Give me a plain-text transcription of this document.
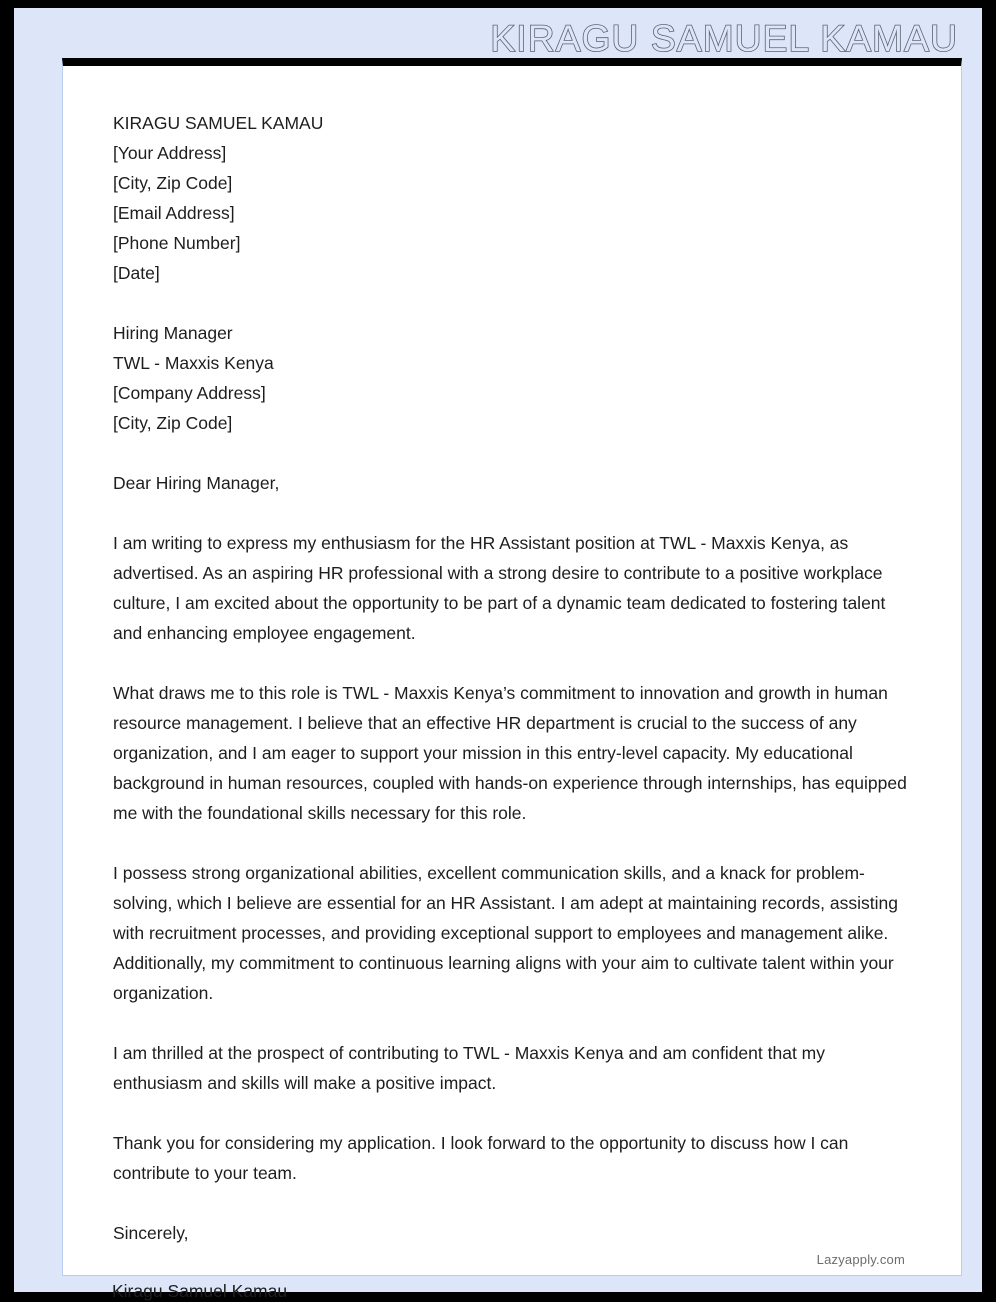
KIRAGU SAMUEL KAMAU
KIRAGU SAMUEL KAMAU
[Your Address]
[City, Zip Code]
[Email Address]
[Phone Number]
[Date]
Hiring Manager
TWL - Maxxis Kenya
[Company Address]
[City, Zip Code]
Dear Hiring Manager,
I am writing to express my enthusiasm for the HR Assistant position at TWL - Maxxis Kenya, as advertised. As an aspiring HR professional with a strong desire to contribute to a positive workplace culture, I am excited about the opportunity to be part of a dynamic team dedicated to fostering talent and enhancing employee engagement.
What draws me to this role is TWL - Maxxis Kenya’s commitment to innovation and growth in human resource management. I believe that an effective HR department is crucial to the success of any organization, and I am eager to support your mission in this entry-level capacity. My educational background in human resources, coupled with hands-on experience through internships, has equipped me with the foundational skills necessary for this role.
I possess strong organizational abilities, excellent communication skills, and a knack for problem-solving, which I believe are essential for an HR Assistant. I am adept at maintaining records, assisting with recruitment processes, and providing exceptional support to employees and management alike. Additionally, my commitment to continuous learning aligns with your aim to cultivate talent within your organization.
I am thrilled at the prospect of contributing to TWL - Maxxis Kenya and am confident that my enthusiasm and skills will make a positive impact.
Thank you for considering my application. I look forward to the opportunity to discuss how I can contribute to your team.
Sincerely,
Lazyapply.com
Kiragu Samuel Kamau
